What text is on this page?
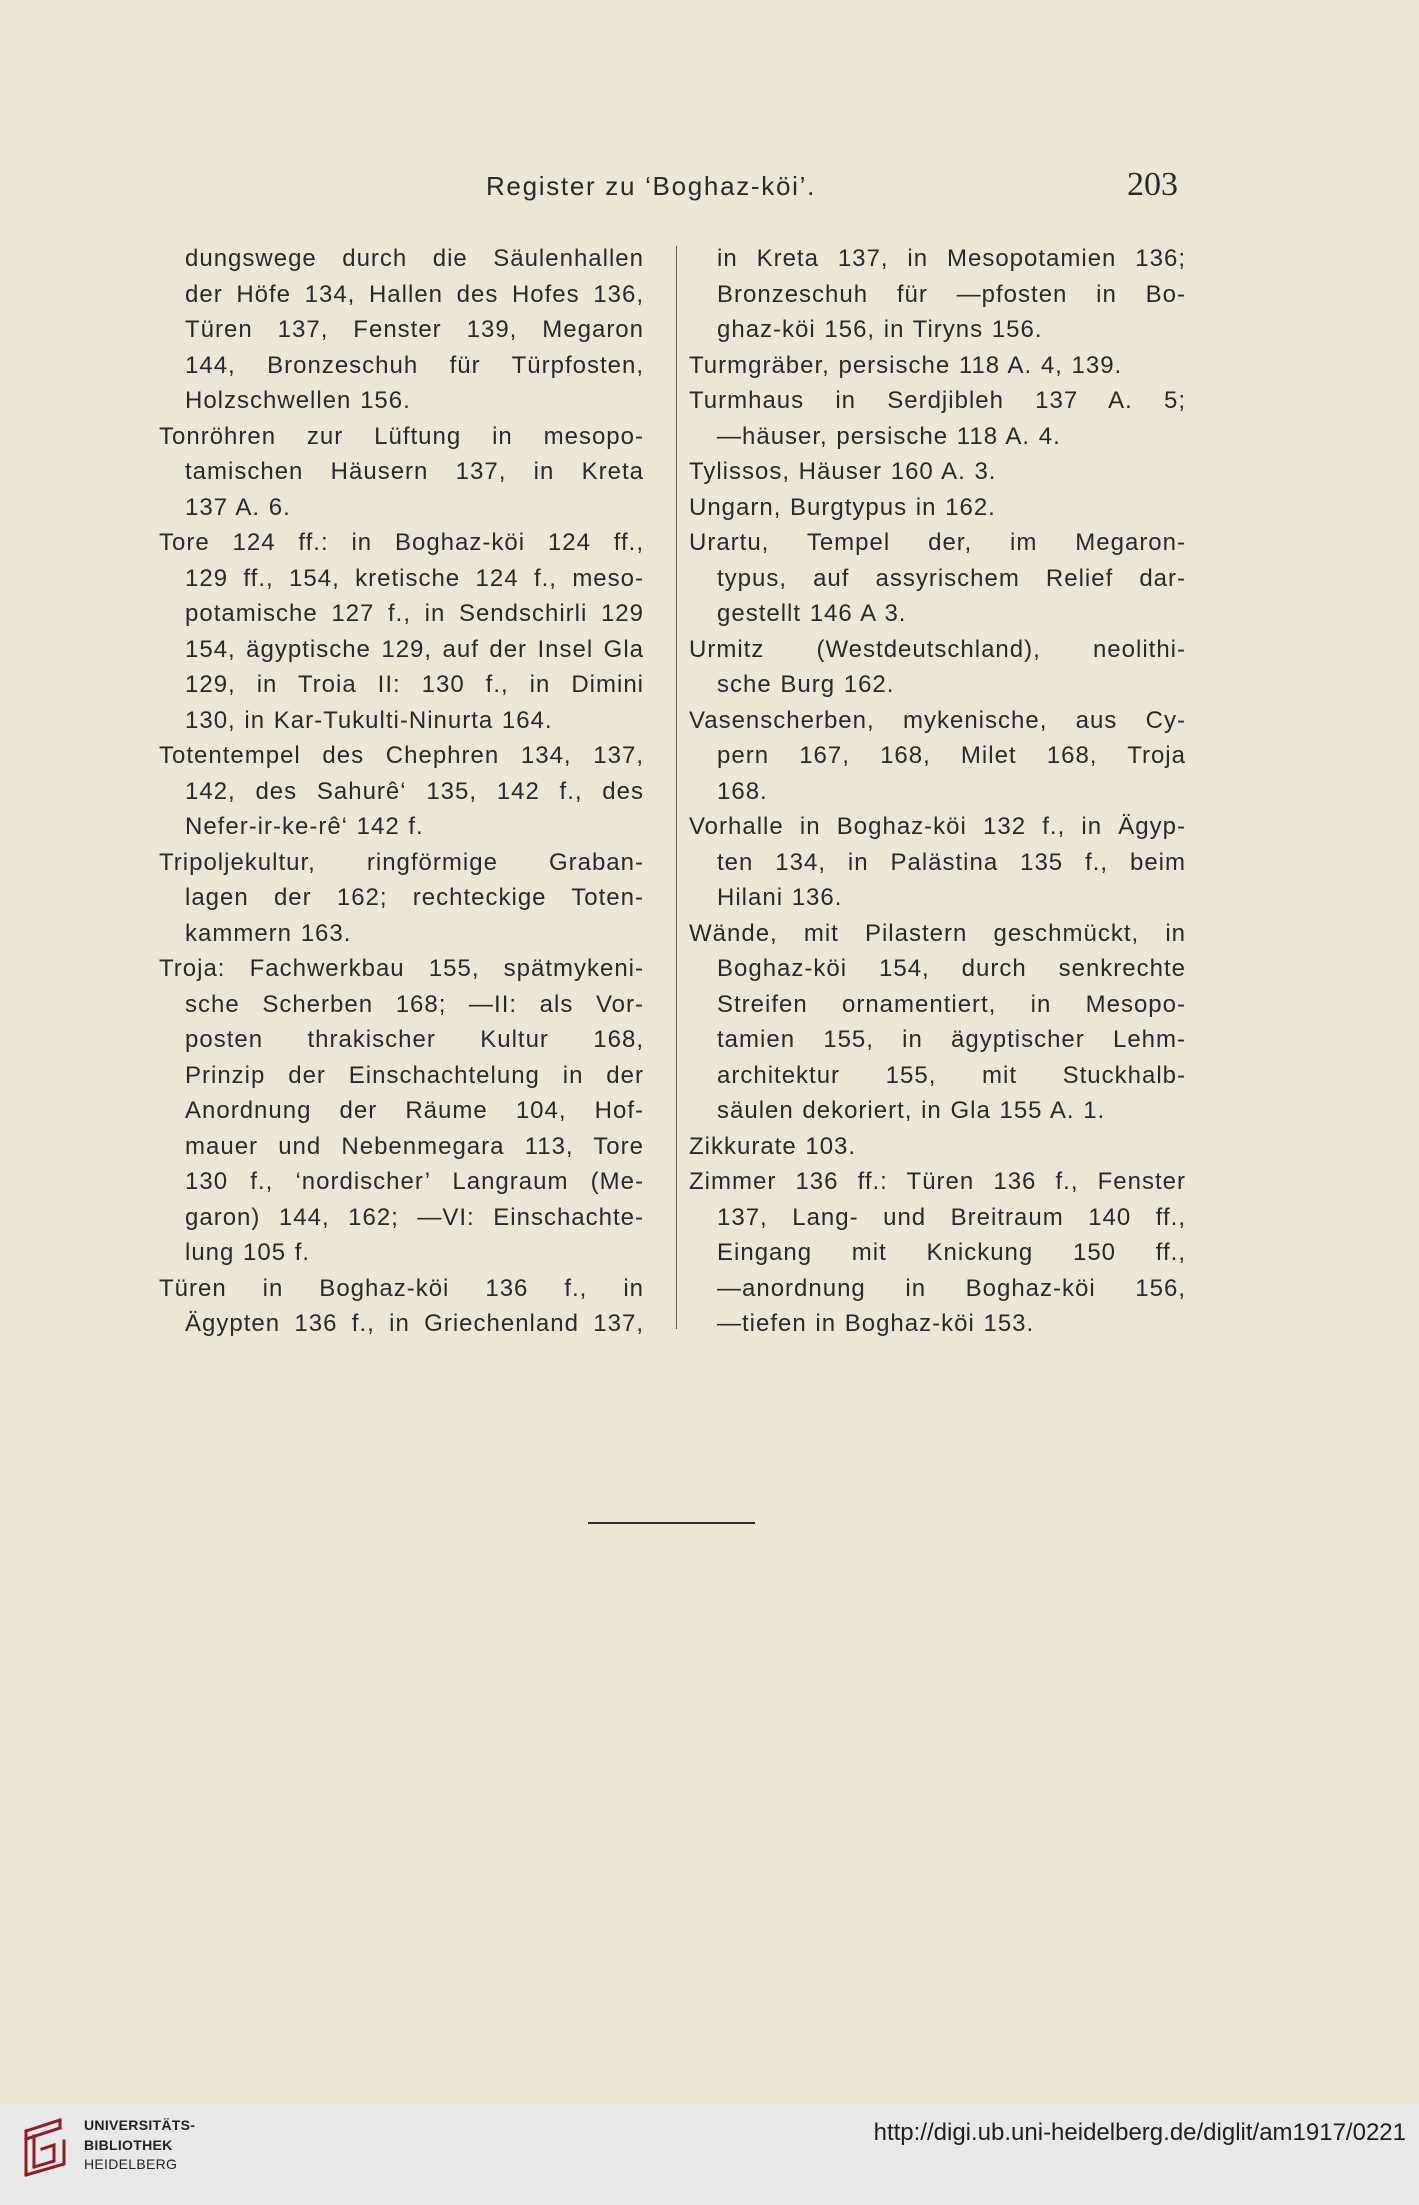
Register zu ‘Boghaz-köi’.	203
dungswege durch die Säulenhallen
der Höfe 134, Hallen des Hofes 136,
Türen 137, Fenster 139, Megaron
144, Bronzeschuh für Türpfosten,
Holzschwellen 156.
Tonröhren zur Lüftung in mesopo-
tamischen Häusern 137, in Kreta
137 A. 6.
Tore 124 ff.: in Boghaz-köi 124 ff.,
129 ff., 154, kretische 124 f., meso-
potamische 127 f., in Sendschirli 129
154, ägyptische 129, auf der Insel Gla
129, in Troia II: 130 f., in Dimini
130, in Kar-Tukulti-Ninurta 164.
Totentempel des Chephren 134, 137,
142, des Sahurê‘ 135, 142 f., des
Nefer-ir-ke-rê‘ 142 f.
Tripoljekultur, ringförmige Graban-
lagen der 162; rechteckige Toten-
kammern 163.
Troja: Fachwerkbau 155, spätmykeni-
sche Scherben 168; —II: als Vor-
posten thrakischer Kultur 168,
Prinzip der Einschachtelung in der
Anordnung der Räume 104, Hof-
mauer und Nebenmegara 113, Tore
130 f., ‘nordischer’ Langraum (Me-
garon) 144, 162; —VI: Einschachte-
lung 105 f.
Türen in Boghaz-köi 136 f., in
Ägypten 136 f., in Griechenland 137,
in Kreta 137, in Mesopotamien 136;
Bronzeschuh für —pfosten in Bo-
ghaz-köi 156, in Tiryns 156.
Turmgräber, persische 118 A. 4, 139.
Turmhaus in Serdjibleh 137 A. 5;
—häuser, persische 118 A. 4.
Tylissos, Häuser 160 A. 3.
Ungarn, Burgtypus in 162.
Urartu, Tempel der, im Megaron-
typus, auf assyrischem Relief dar-
gestellt 146 A 3.
Urmitz (Westdeutschland), neolithi-
sche Burg 162.
Vasenscherben, mykenische, aus Cy-
pern 167, 168, Milet 168, Troja
168.
Vorhalle in Boghaz-köi 132 f., in Ägyp-
ten 134, in Palästina 135 f., beim
Hilani 136.
Wände, mit Pilastern geschmückt, in
Boghaz-köi 154, durch senkrechte
Streifen ornamentiert, in Mesopo-
tamien 155, in ägyptischer Lehm-
architektur 155, mit Stuckhalb-
säulen dekoriert, in Gla 155 A. 1.
Zikkurate 103.
Zimmer 136 ff.: Türen 136 f., Fenster
137, Lang- und Breitraum 140 ff.,
Eingang mit Knickung 150 ff.,
—anordnung in Boghaz-köi 156,
—tiefen in Boghaz-köi 153.
UNIVERSITÄTS-
BIBLIOTHEK
HEIDELBERG
http://digi.ub.uni-heidelberg.de/diglit/am1917/0221
